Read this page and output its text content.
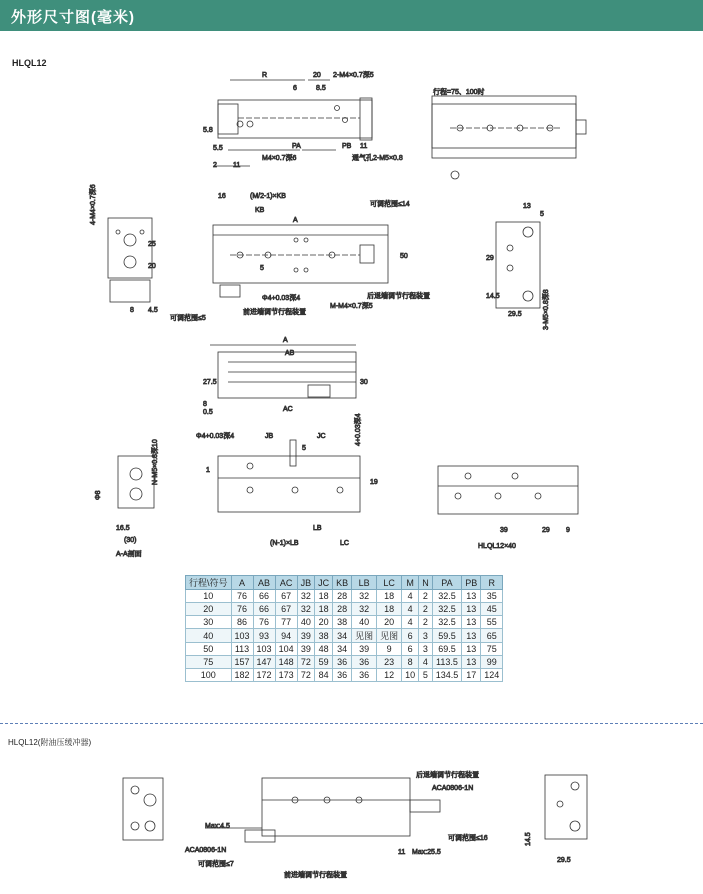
外形尺寸图(毫米)
HLQL12
R	20
6	8.5
2-M4×0.7深5
5.8
5.5	PA	PB 11
2 11
M4×0.7深6	通气孔2-M5×0.8
行程=75、100时
4-M4×0.7深6
25
20
8 4.5
可调范围≤5
16	(M/2-1)×KB
KB
A
可调范围≤14
50
5
后退端调节行程装置
Φ4+0.03深4
M-M4×0.7深5
前进端调节行程装置
13
5
29
14.5
29.5	3-M5×0.8深8
A
AB
27.5	30
8
0.5	AC
Φ8
N-M5×0.8深10
16.5
(30)
A-A剖面
Φ4+0.03深4	JB	JC
5
4+0.03深4
1
19
LB
LC
(N-1)×LB
39	29 9
HLQL12×40
Max:4.5
ACA0806-1N
可调范围≤7
前进端调节行程装置
后退端调节行程装置
ACA0806-1N
可调范围≤16
11 Max:25.5
14.5
29.5
行程\符号	A	AB	AC	JB	JC	KB	LB	LC	M	N	PA	PB	R
10	76	66	67	32	18	28	32	18	4	2	32.5	13	35
20	76	66	67	32	18	28	32	18	4	2	32.5	13	45
30	86	76	77	40	20	38	40	20	4	2	32.5	13	55
40	103	93	94	39	38	34	见图	见图	6	3	59.5	13	65
50	113	103	104	39	48	34	39	9	6	3	69.5	13	75
75	157	147	148	72	59	36	36	23	8	4	113.5	13	99
100	182	172	173	72	84	36	36	12	10	5	134.5	17	124
HLQL12(附油压缓冲器)
